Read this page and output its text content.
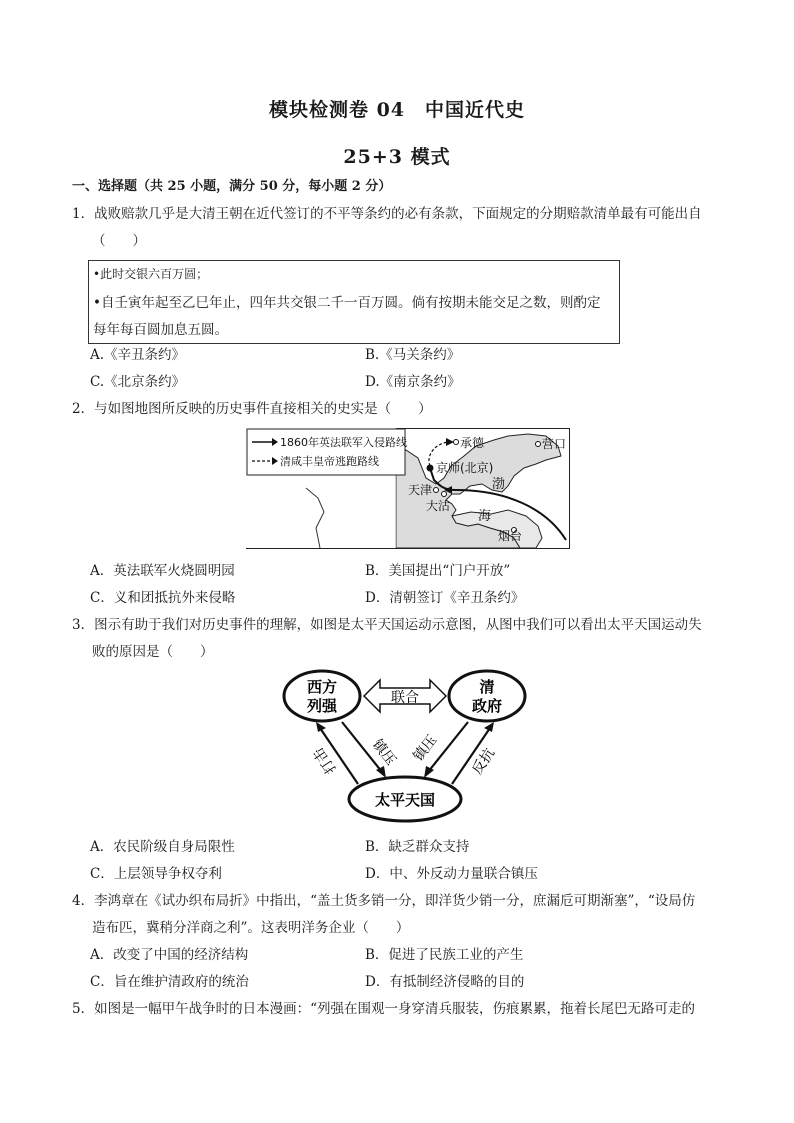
模块检测卷 04　中国近代史
25+3 模式
一、选择题（共 25 小题，满分 50 分，每小题 2 分）
1．战败赔款几乎是大清王朝在近代签订的不平等条约的必有条款，下面规定的分期赔款清单最有可能出自
（　　）
•此时交银六百万圆；
•自壬寅年起至乙巳年止，四年共交银二千一百万圆。倘有按期未能交足之数，则酌定
每年每百圆加息五圆。
A.《辛丑条约》	B.《马关条约》
C.《北京条约》	D.《南京条约》
2．与如图地图所反映的历史事件直接相关的史实是（　　）
1860年英法联军入侵路线
清咸丰皇帝逃跑路线
承德	营口
京师(北京)
天津
大沽
渤
海
烟台
A．英法联军火烧圆明园	B．美国提出“门户开放”
C．义和团抵抗外来侵略	D．清朝签订《辛丑条约》
3．图示有助于我们对历史事件的理解，如图是太平天国运动示意图，从图中我们可以看出太平天国运动失
败的原因是（　　）
西方
列强
清
政府
太平天国
联合
镇压 镇压
打击	反抗
A．农民阶级自身局限性	B．缺乏群众支持
C．上层领导争权夺利	D．中、外反动力量联合镇压
4．李鸿章在《试办织布局折》中指出，“盖土货多销一分，即洋货少销一分，庶漏卮可期渐塞”，“设局仿
造布匹，冀稍分洋商之利”。这表明洋务企业（　　）
A．改变了中国的经济结构	B．促进了民族工业的产生
C．旨在维护清政府的统治	D．有抵制经济侵略的目的
5．如图是一幅甲午战争时的日本漫画：“列强在围观一身穿清兵服装，伤痕累累，拖着长尾巴无路可走的
